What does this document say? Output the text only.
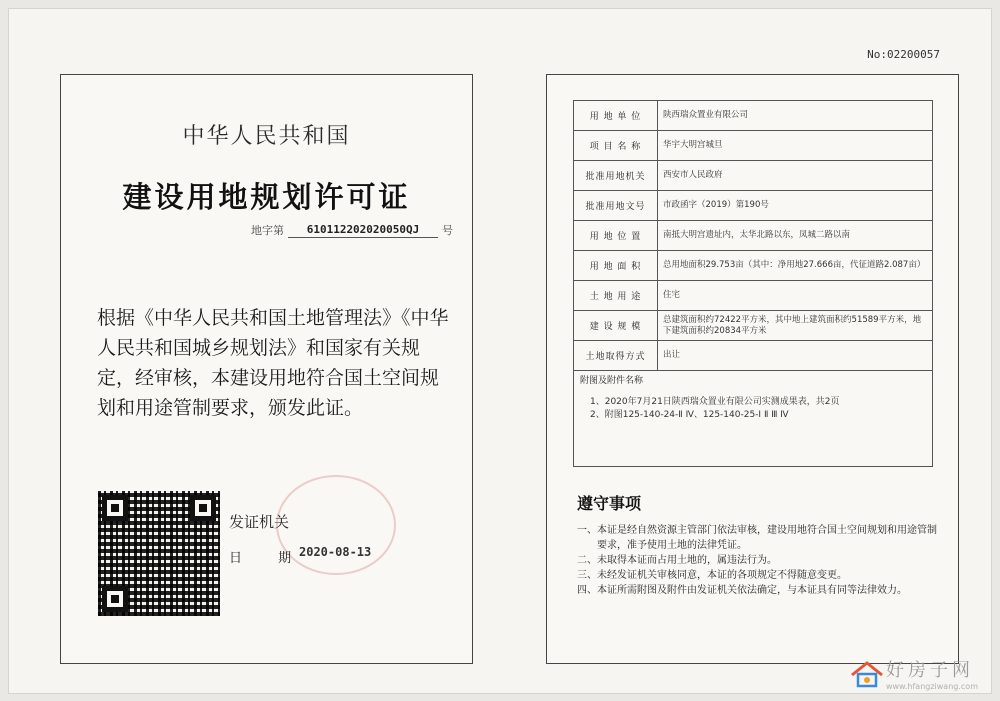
No:02200057
中华人民共和国
建设用地规划许可证
地字第	610112202020050QJ	号
根据《中华人民共和国土地管理法》《中华人民共和国城乡规划法》和国家有关规定，经审核，本建设用地符合国土空间规划和用途管制要求，颁发此证。
发证机关
日 期
2020-08-13
用 地 单 位	陕西瑞众置业有限公司
项 目 名 称	华宇大明宫城旦
批准用地机关	西安市人民政府
批准用地文号	市政函字（2019）第190号
用 地 位 置	南抵大明宫遗址内，太华北路以东，凤城二路以南
用 地 面 积	总用地面积29.753亩（其中：净用地27.666亩，代征道路2.087亩）
土 地 用 途	住宅
建 设 规 模	总建筑面积约72422平方米，其中地上建筑面积约51589平方米，地下建筑面积约20834平方米
土地取得方式	出让
附图及附件名称
1、2020年7月21日陕西瑞众置业有限公司实测成果表，共2页
2、附图125-140-24-Ⅱ Ⅳ、125-140-25-Ⅰ Ⅱ Ⅲ Ⅳ
遵守事项
一、 本证是经自然资源主管部门依法审核，建设用地符合国土空间规划和用途管制要求，准予使用土地的法律凭证。
二、 未取得本证而占用土地的，属违法行为。
三、 未经发证机关审核同意，本证的各项规定不得随意变更。
四、 本证所需附图及附件由发证机关依法确定，与本证具有同等法律效力。
好房子网
www.hfangziwang.com
